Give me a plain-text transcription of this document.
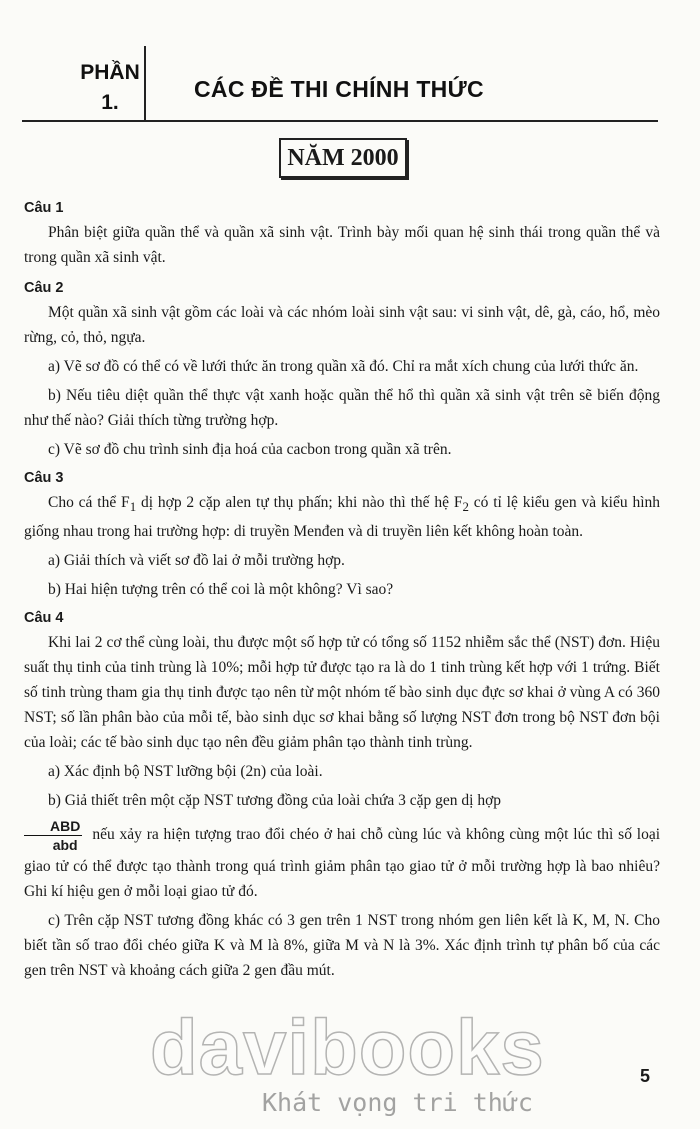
PHẦN
1.
CÁC ĐỀ THI CHÍNH THỨC
NĂM 2000
Câu 1

Phân biệt giữa quần thể và quần xã sinh vật. Trình bày mối quan hệ sinh thái trong quần thể và trong quần xã sinh vật.

Câu 2

Một quần xã sinh vật gồm các loài và các nhóm loài sinh vật sau: vi sinh vật, dê, gà, cáo, hổ, mèo rừng, cỏ, thỏ, ngựa.

a) Vẽ sơ đồ có thể có về lưới thức ăn trong quần xã đó. Chỉ ra mắt xích chung của lưới thức ăn.

b) Nếu tiêu diệt quần thể thực vật xanh hoặc quần thể hổ thì quần xã sinh vật trên sẽ biến động như thế nào? Giải thích từng trường hợp.

c) Vẽ sơ đồ chu trình sinh địa hoá của cacbon trong quần xã trên.

Câu 3

Cho cá thể $F_1$ dị hợp 2 cặp alen tự thụ phấn; khi nào thì thế hệ $F_2$ có tỉ lệ kiểu gen và kiểu hình giống nhau trong hai trường hợp: di truyền Menđen và di truyền liên kết không hoàn toàn.

a) Giải thích và viết sơ đồ lai ở mỗi trường hợp.

b) Hai hiện tượng trên có thể coi là một không? Vì sao?

Câu 4

Khi lai 2 cơ thể cùng loài, thu được một số hợp tử có tổng số 1152 nhiễm sắc thể (NST) đơn. Hiệu suất thụ tinh của tinh trùng là 10%; mỗi hợp tử được tạo ra là do 1 tinh trùng kết hợp với 1 trứng. Biết số tinh trùng tham gia thụ tinh được tạo nên từ một nhóm tế bào sinh dục đực sơ khai ở vùng A có 360 NST; số lần phân bào của mỗi tế, bào sinh dục sơ khai bằng số lượng NST đơn trong bộ NST đơn bội của loài; các tế bào sinh dục tạo nên đều giảm phân tạo thành tinh trùng.

a) Xác định bộ NST lưỡng bội (2n) của loài.

b) Giả thiết trên một cặp NST tương đồng của loài chứa 3 cặp gen dị hợp

$\frac{\text{ABD}}{\text{abd}}$ nếu xảy ra hiện tượng trao đổi chéo ở hai chỗ cùng lúc và không cùng một lúc thì số loại giao tử có thể được tạo thành trong quá trình giảm phân tạo giao tử ở mỗi trường hợp là bao nhiêu? Ghi kí hiệu gen ở mỗi loại giao tử đó.

c) Trên cặp NST tương đồng khác có 3 gen trên 1 NST trong nhóm gen liên kết là K, M, N. Cho biết tần số trao đổi chéo giữa K và M là 8%, giữa M và N là 3%. Xác định trình tự phân bố của các gen trên NST và khoảng cách giữa 2 gen đầu mút.

davibooks
Khát vọng tri thức
5
